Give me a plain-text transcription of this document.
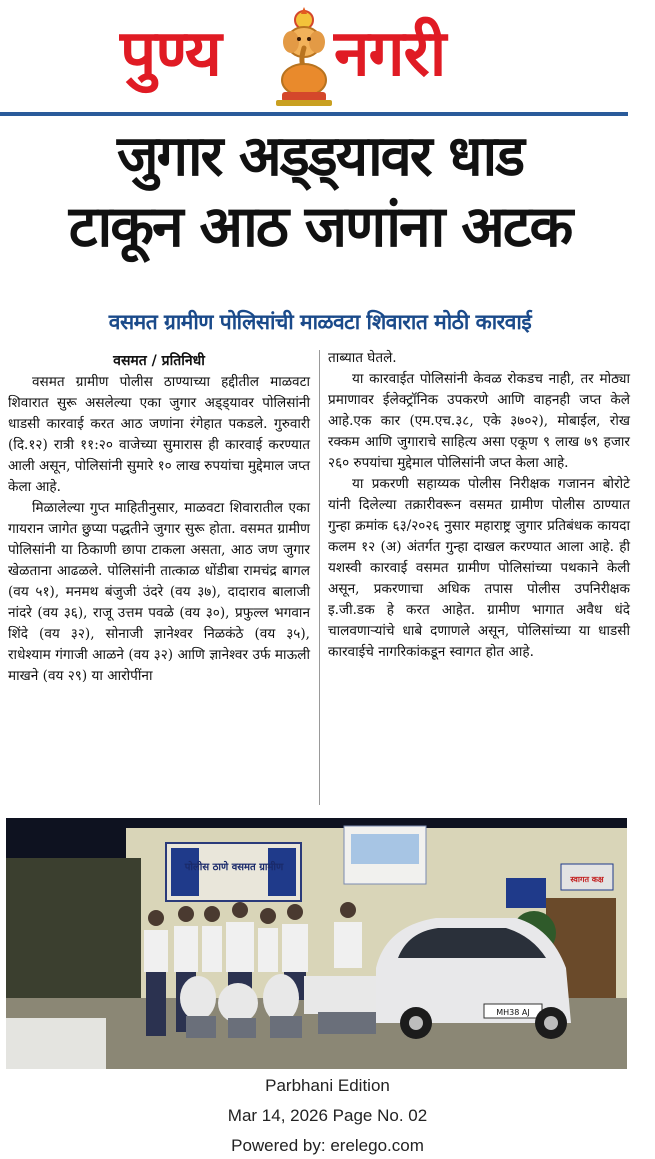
पुण्य नगरी
जुगार अड्ड्यावर धाड
टाकून आठ जणांना अटक
वसमत ग्रामीण पोलिसांची माळवटा शिवारात मोठी कारवाई
वसमत / प्रतिनिधी

वसमत ग्रामीण पोलीस ठाण्याच्या हद्दीतील माळवटा शिवारात सुरू असलेल्या एका जुगार अड्ड्यावर पोलिसांनी धाडसी कारवाई करत आठ जणांना रंगेहात पकडले. गुरुवारी (दि.१२) रात्री ११:२० वाजेच्या सुमारास ही कारवाई करण्यात आली असून, पोलिसांनी सुमारे १० लाख रुपयांचा मुद्देमाल जप्त केला आहे.

मिळालेल्या गुप्त माहितीनुसार, माळवटा शिवारातील एका गायरान जागेत छुप्या पद्धतीने जुगार सुरू होता. वसमत ग्रामीण पोलिसांनी या ठिकाणी छापा टाकला असता, आठ जण जुगार खेळताना आढळले. पोलिसांनी तात्काळ धोंडीबा रामचंद्र बागल (वय ५१), मनमथ बंजुजी उंदरे (वय ३७), दादाराव बालाजी नांदरे (वय ३६), राजू उत्तम पवळे (वय ३०), प्रफुल्ल भगवान शिंदे (वय ३२), सोनाजी ज्ञानेश्वर निळकंठे (वय ३५), राधेश्याम गंगाजी आळने (वय ३२) आणि ज्ञानेश्वर उर्फ माऊली माखने (वय २९) या आरोपींना

ताब्यात घेतले.

या कारवाईत पोलिसांनी केवळ रोकडच नाही, तर मोठ्या प्रमाणावर ईलेक्ट्रॉनिक उपकरणे आणि वाहनही जप्त केले आहे.एक कार (एम.एच.३८, एके ३७०२), मोबाईल, रोख रक्कम आणि जुगाराचे साहित्य असा एकूण ९ लाख ७९ हजार २६० रुपयांचा मुद्देमाल पोलिसांनी जप्त केला आहे.

या प्रकरणी सहाय्यक पोलीस निरीक्षक गजानन बोरोटे यांनी दिलेल्या तक्रारीवरून वसमत ग्रामीण पोलीस ठाण्यात गुन्हा क्रमांक ६३/२०२६ नुसार महाराष्ट्र जुगार प्रतिबंधक कायदा कलम १२ (अ) अंतर्गत गुन्हा दाखल करण्यात आला आहे. ही यशस्वी कारवाई वसमत ग्रामीण पोलिसांच्या पथकाने केली असून, प्रकरणाचा अधिक तपास पोलीस उपनिरीक्षक इ.जी.डक हे करत आहेत. ग्रामीण भागात अवैध धंदे चालवणाऱ्यांचे धाबे दणाणले असून, पोलिसांच्या या धाडसी कारवाईचे नागरिकांकडून स्वागत होत आहे.

पोलीस ठाणे वसमत ग्रामीण
स्वागत कक्ष
MH38 AJ
Parbhani Edition
Mar 14, 2026 Page No. 02
Powered by: erelego.com
